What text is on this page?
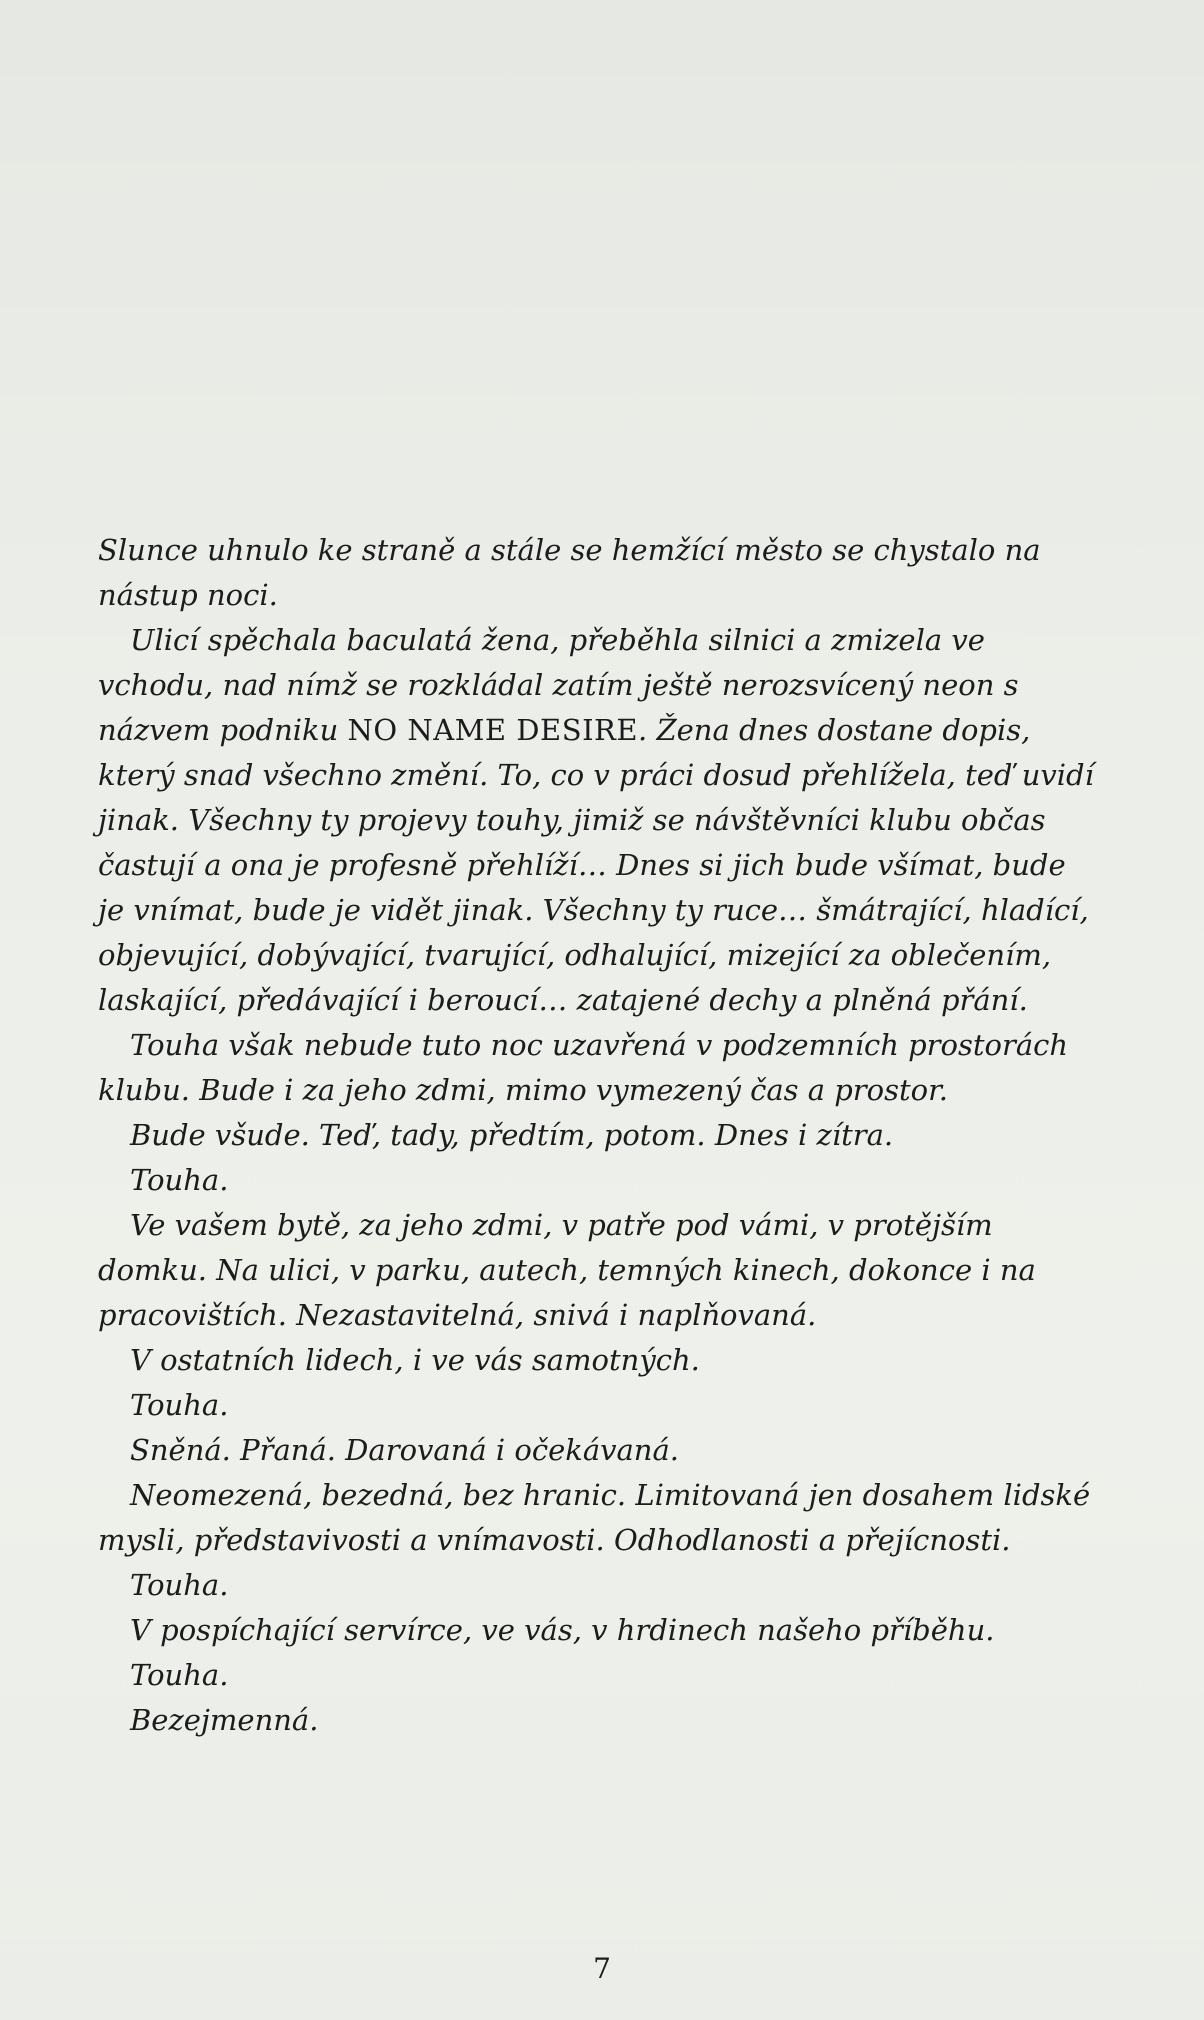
Slunce uhnulo ke straně a stále se hemžící město se chystalo na nástup noci.

Ulicí spěchala baculatá žena, přeběhla silnici a zmizela ve vchodu, nad nímž se rozkládal zatím ještě nerozsvícený neon s názvem podniku NO NAME DESIRE. Žena dnes dostane dopis, který snad všechno změní. To, co v práci dosud přehlížela, teď uvidí jinak. Všechny ty projevy touhy, jimiž se návštěvníci klubu občas častují a ona je profesně přehlíží… Dnes si jich bude všímat, bude je vnímat, bude je vidět jinak. Všechny ty ruce… šmátrající, hladící, objevující, dobývající, tvarující, odhalující, mizející za oblečením, laskající, předávající i beroucí… zatajené dechy a plněná přání.

Touha však nebude tuto noc uzavřená v podzemních prostorách klubu. Bude i za jeho zdmi, mimo vymezený čas a prostor.

Bude všude. Teď, tady, předtím, potom. Dnes i zítra.

Touha.

Ve vašem bytě, za jeho zdmi, v patře pod vámi, v protějším domku. Na ulici, v parku, autech, temných kinech, dokonce i na pracovištích. Nezastavitelná, snivá i naplňovaná.

V ostatních lidech, i ve vás samotných.

Touha.

Sněná. Přaná. Darovaná i očekávaná.

Neomezená, bezedná, bez hranic. Limitovaná jen dosahem lidské mysli, představivosti a vnímavosti. Odhodlanosti a přejícnosti.

Touha.

V pospíchající servírce, ve vás, v hrdinech našeho příběhu.

Touha.

Bezejmenná.

7
